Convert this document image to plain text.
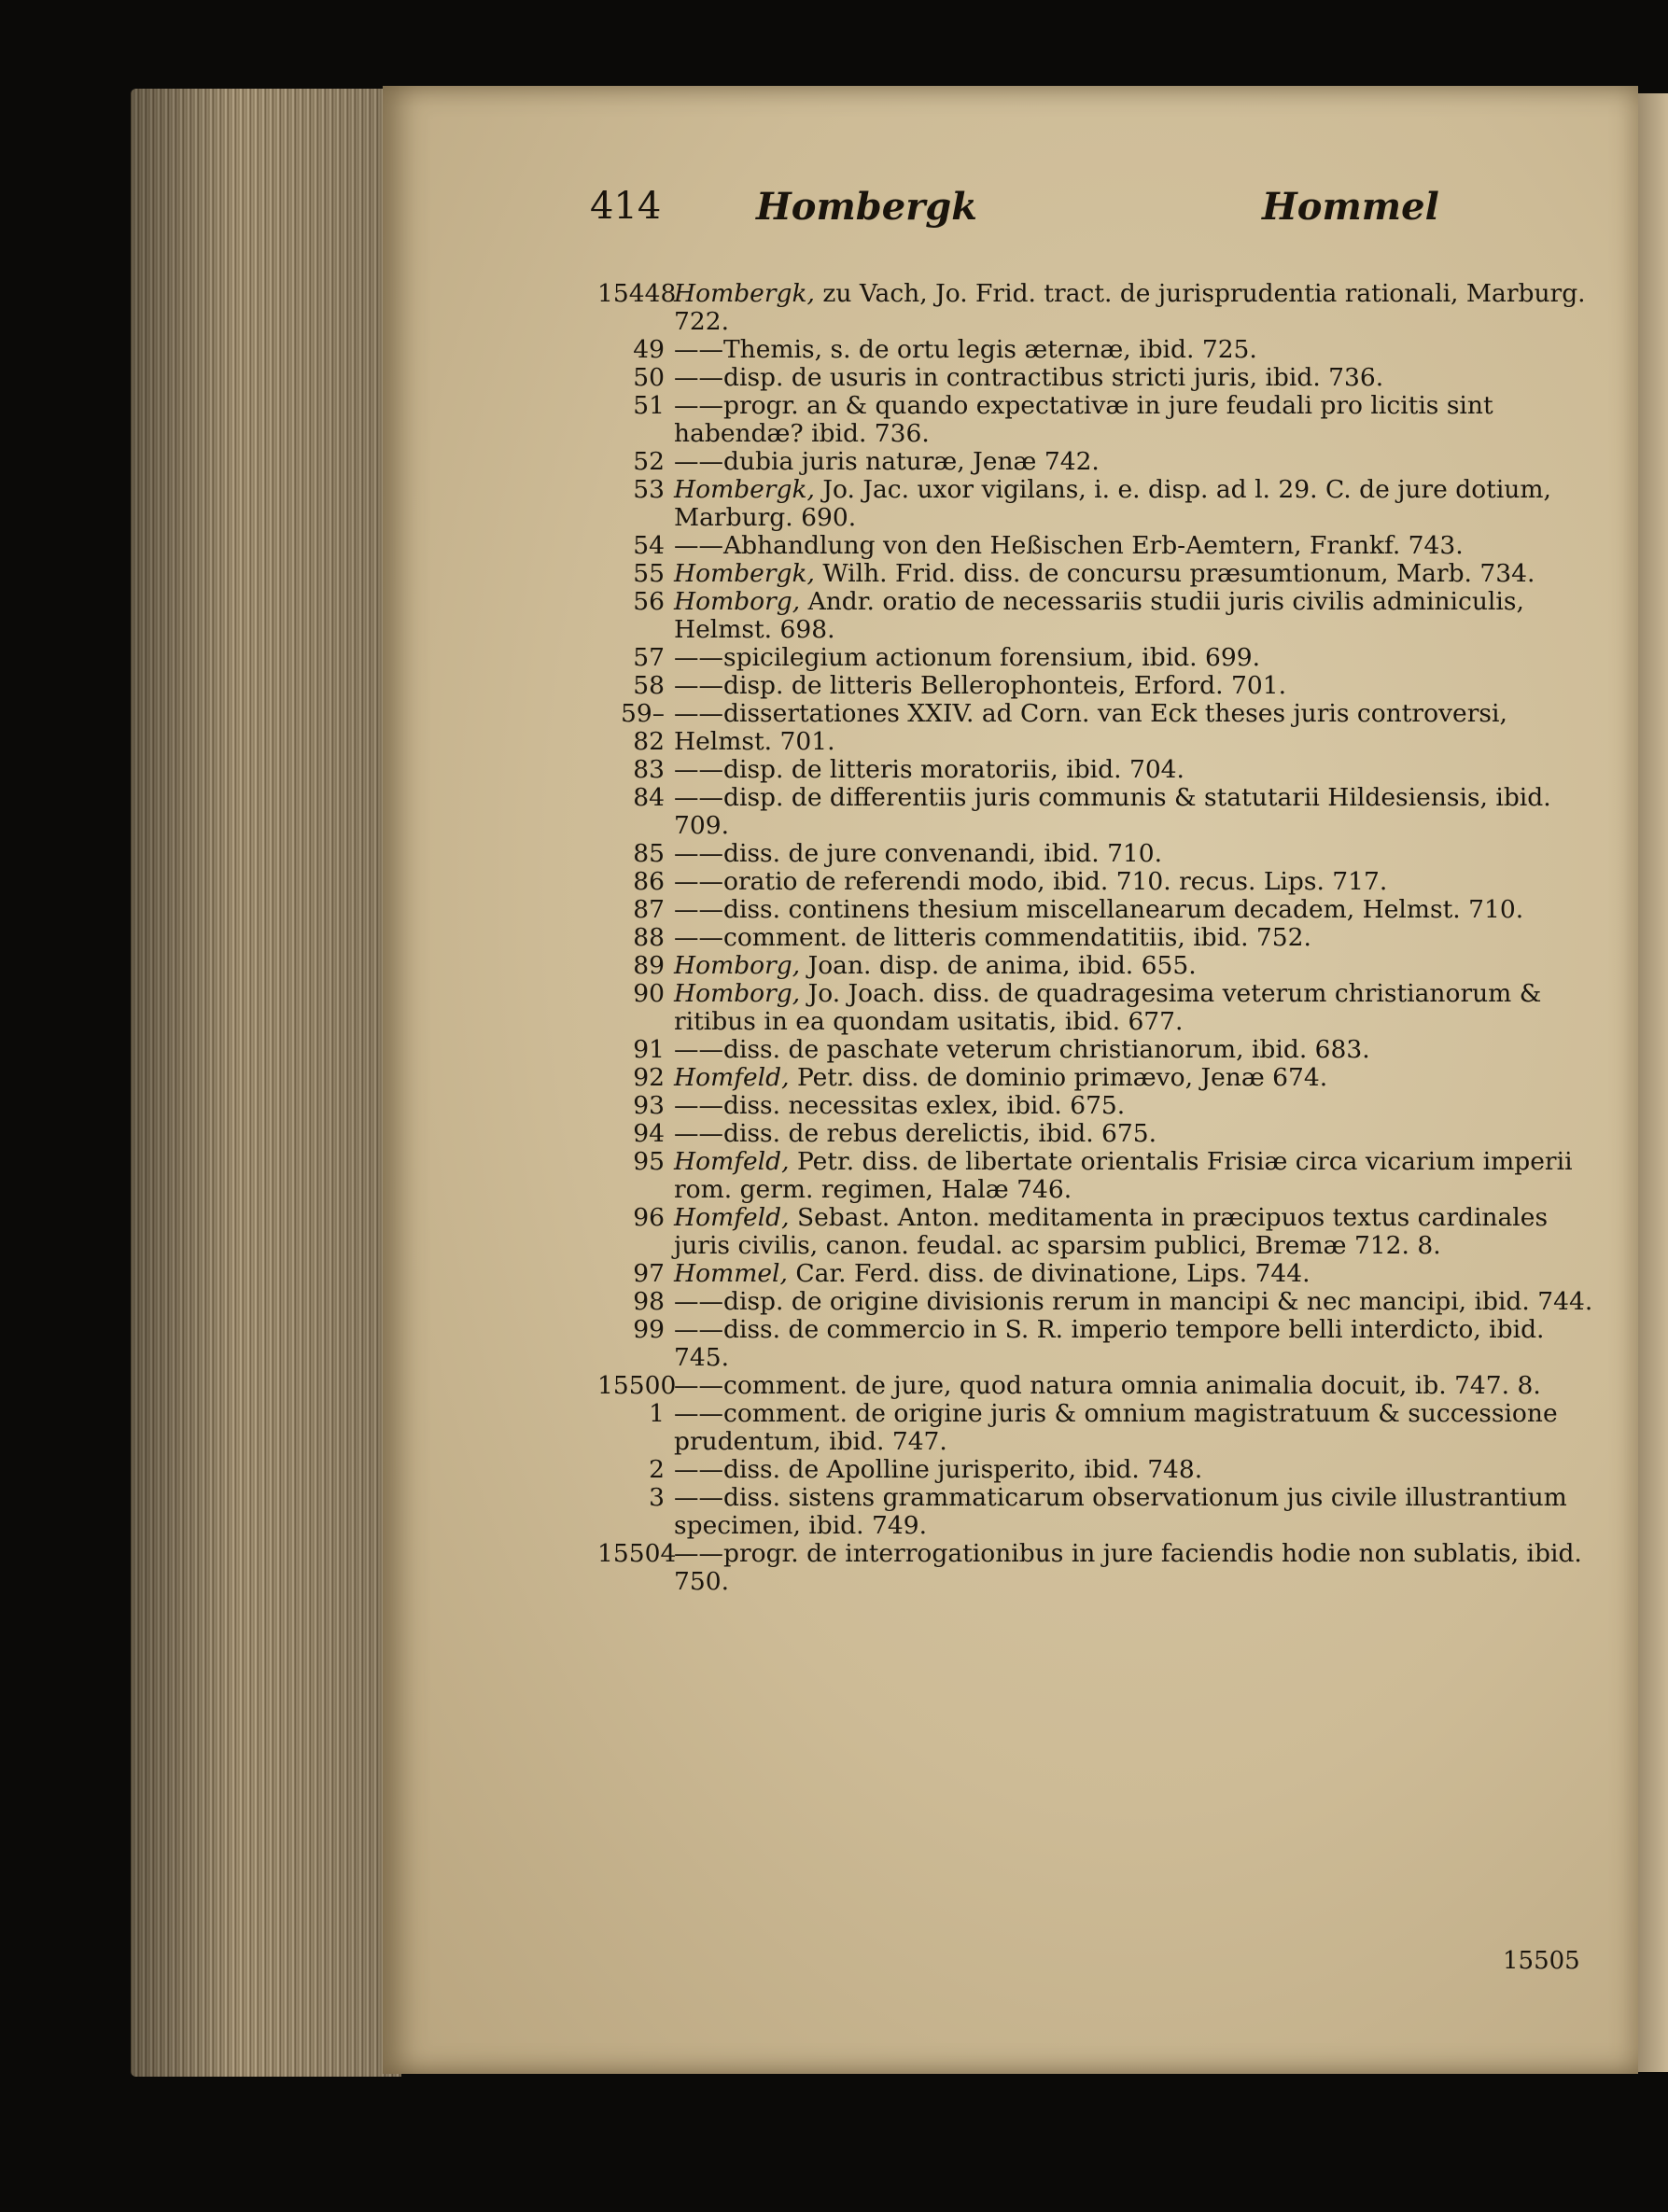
414	Hombergk	Hommel
15448
Hombergk, zu Vach, Jo. Frid. tract. de jurisprudentia rationali, Marburg. 722.
49 ——Themis, s. de ortu legis æternæ, ibid. 725.
50 ——disp. de usuris in contractibus stricti juris, ibid. 736.
51 ——progr. an & quando expectativæ in jure feudali pro licitis sint habendæ? ibid. 736.
52 ——dubia juris naturæ, Jenæ 742.
53 Hombergk, Jo. Jac. uxor vigilans, i. e. disp. ad l. 29. C. de jure dotium, Marburg. 690.
54 ——Abhandlung von den Heßischen Erb-Aemtern, Frankf. 743.
55 Hombergk, Wilh. Frid. diss. de concursu præsumtionum, Marb. 734.
56 Homborg, Andr. oratio de necessariis studii juris civilis adminiculis, Helmst. 698.
57 ——spicilegium actionum forensium, ibid. 699.
58 ——disp. de litteris Bellerophonteis, Erford. 701.
59–82
——dissertationes XXIV. ad Corn. van Eck theses juris controversi, Helmst. 701.
83 ——disp. de litteris moratoriis, ibid. 704.
84 ——disp. de differentiis juris communis & statutarii Hildesiensis, ibid. 709.
85 ——diss. de jure convenandi, ibid. 710.
86 ——oratio de referendi modo, ibid. 710. recus. Lips. 717.
87 ——diss. continens thesium miscellanearum decadem, Helmst. 710.
88 ——comment. de litteris commendatitiis, ibid. 752.
89 Homborg, Joan. disp. de anima, ibid. 655.
90 Homborg, Jo. Joach. diss. de quadragesima veterum christianorum & ritibus in ea quondam usitatis, ibid. 677.
91 ——diss. de paschate veterum christianorum, ibid. 683.
92 Homfeld, Petr. diss. de dominio primævo, Jenæ 674.
93 ——diss. necessitas exlex, ibid. 675.
94 ——diss. de rebus derelictis, ibid. 675.
95 Homfeld, Petr. diss. de libertate orientalis Frisiæ circa vicarium imperii rom. germ. regimen, Halæ 746.
96 Homfeld, Sebast. Anton. meditamenta in præcipuos textus cardinales juris civilis, canon. feudal. ac sparsim publici, Bremæ 712. 8.
97 Hommel, Car. Ferd. diss. de divinatione, Lips. 744.
98 ——disp. de origine divisionis rerum in mancipi & nec mancipi, ibid. 744.
99 ——diss. de commercio in S. R. imperio tempore belli interdicto, ibid. 745.
15500
——comment. de jure, quod natura omnia animalia docuit, ib. 747. 8.
1 ——comment. de origine juris & omnium magistratuum & successione prudentum, ibid. 747.
2 ——diss. de Apolline jurisperito, ibid. 748.
3 ——diss. sistens grammaticarum observationum jus civile illustrantium specimen, ibid. 749.
15504
——progr. de interrogationibus in jure faciendis hodie non sublatis, ibid. 750.
15505
